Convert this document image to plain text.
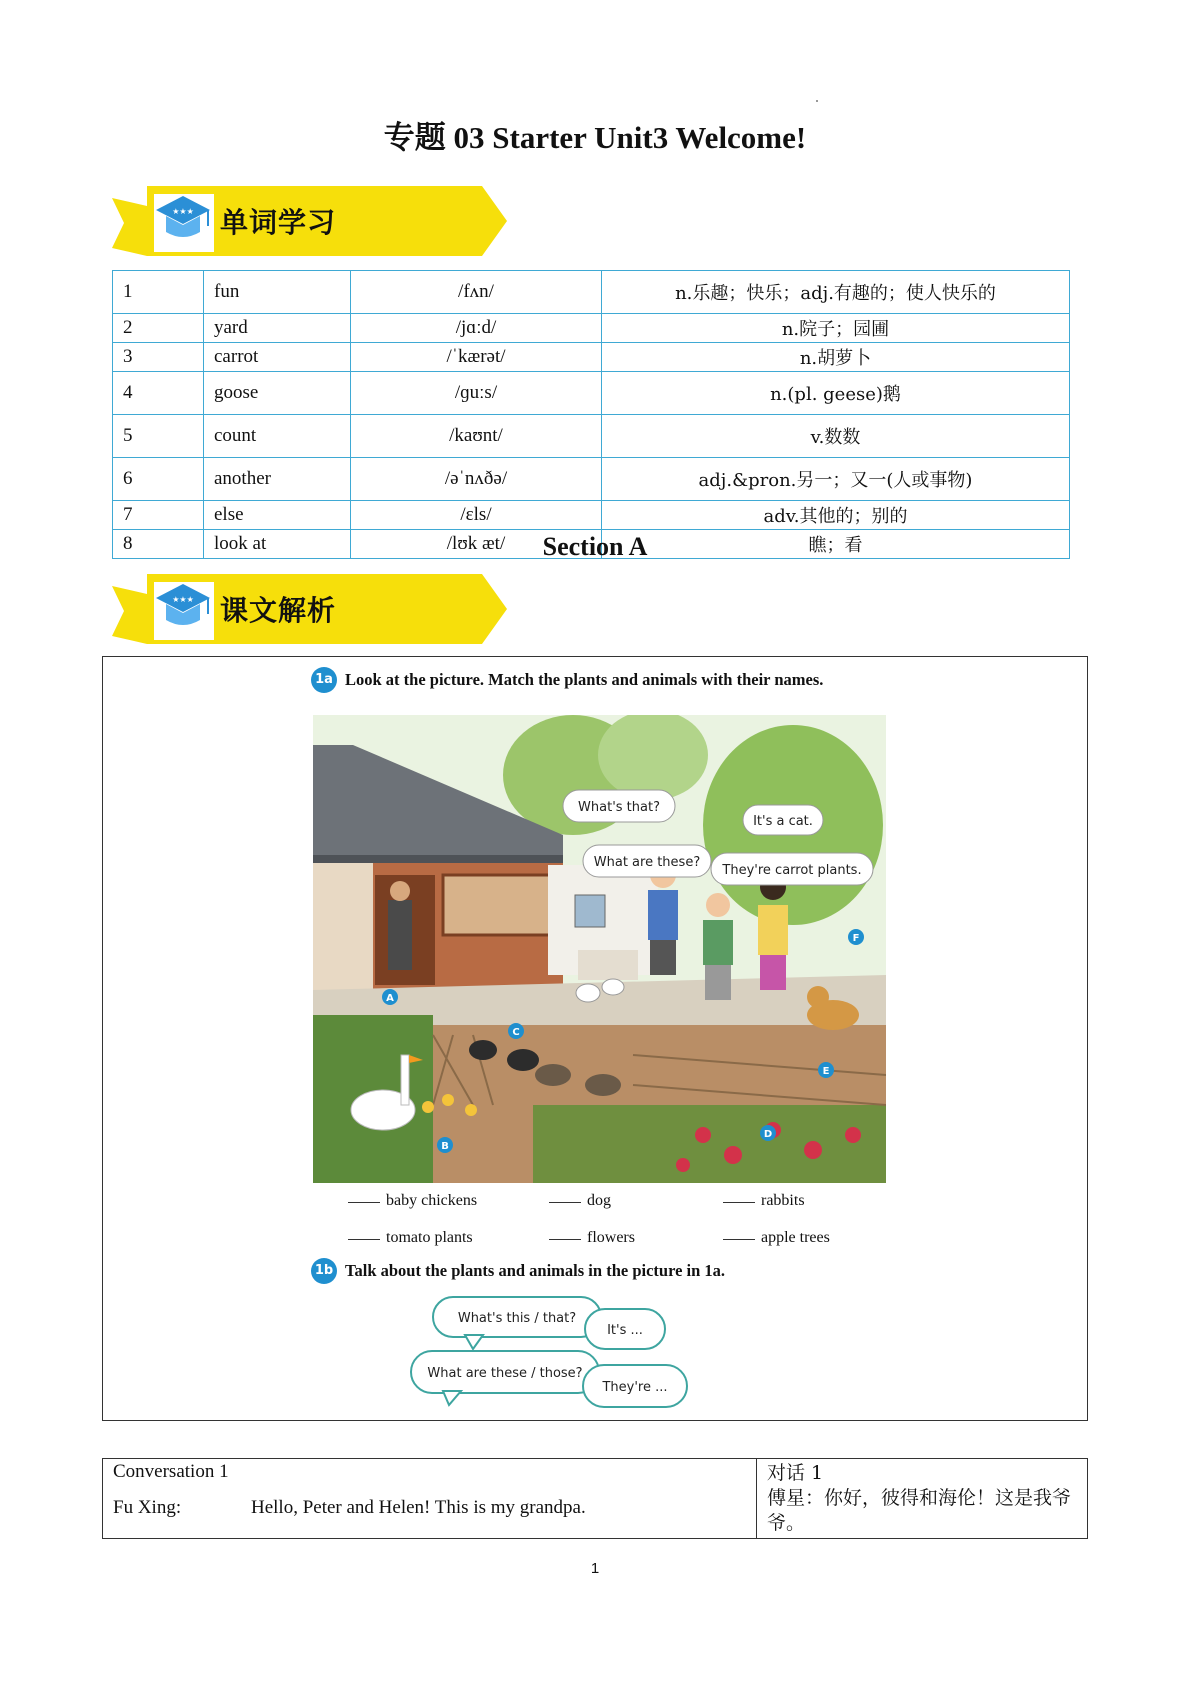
专题 03 Starter Unit3 Welcome!
★★★ 单词学习
1	fun	/fʌn/	n.乐趣；快乐；adj.有趣的；使人快乐的
2	yard	/jɑːd/	n.院子；园圃
3	carrot	/ˈkærət/	n.胡萝卜
4	goose	/ɡuːs/	n.(pl. geese)鹅
5	count	/kaʊnt/	v.数数
6	another	/əˈnʌðə/	adj.&pron.另一；又一(人或事物)
7	else	/ɛls/	adv.其他的；别的
8	look at	/lʊk æt/	瞧；看
Section A
★★★ 课文解析
1a Look at the picture. Match the plants and animals with their names.
What's that?
It's a cat.
What are these?
They're carrot plants.
A
B
C
D
E
F
baby chickens	dog	rabbits
tomato plants	flowers	apple trees
1b Talk about the plants and animals in the picture in 1a.
What's this / that?
It's ...
What are these / those?
They're ...
Conversation 1
Fu Xing:	Hello, Peter and Helen! This is my grandpa.

对话 1
傅星：你好，彼得和海伦！这是我爷爷。
1
